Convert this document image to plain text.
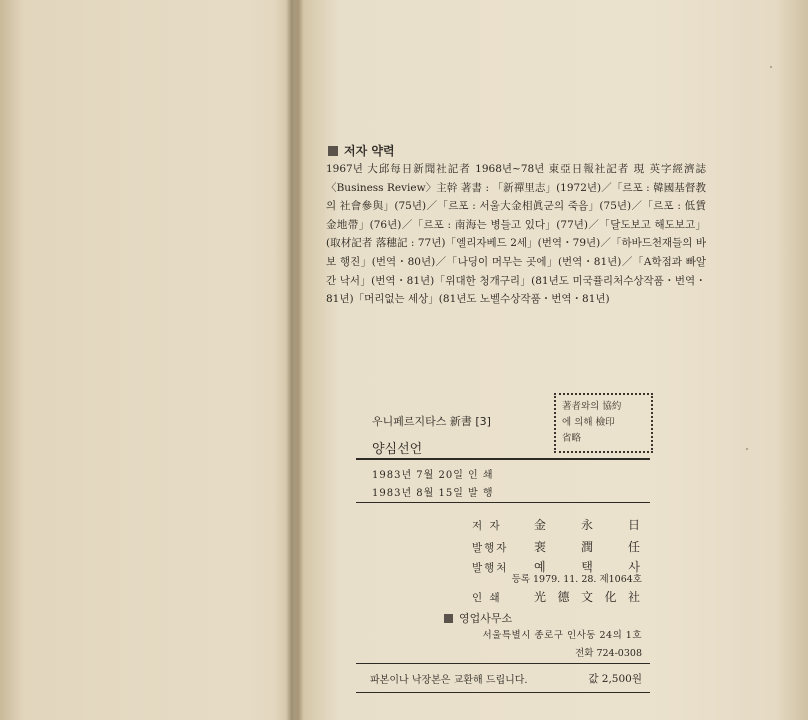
저자 약력

1967년 大邱每日新聞社記者 1968년~78년 東亞日報社記者 現 英字經濟誌〈Business Review〉主幹 著書 : 「新禪里志」(1972년)／「르포 : 韓國基督教의 社會參與」(75년)／「르포 : 서울大金相眞군의 죽음」(75년)／「르포 : 低賃金地帶」(76년)／「르포 : 南海는 병들고 있다」(77년)／「달도보고 해도보고」(取材記者 落穗記 : 77년)「엘리자베드 2세」(번역・79년)／「하바드천재들의 바보 행진」(번역・80년)／「나딩이 머무는 곳에」(번역・81년)／「A학점과 빠알간 낙서」(번역・81년)「위대한 청개구리」(81년도 미국퓰리처수상작품・번역・81년)「머리없는 세상」(81년도 노벨수상작품・번역・81년)

著者와의 協約
에 의해 檢印
省略
우니페르지타스 新書 [3]
양심선언
1983년 7월 20일 인 쇄
1983년 8월 15일 발 행
저 자	金	永	日
발행자	裵	潤	任
발행처	예	택	사
등록 1979. 11. 28. 제1064호
인 쇄	光 德 文 化 社
영업사무소
서울특별시 종로구 인사동 24의 1호
전화 724-0308
파본이나 낙장본은 교환해 드립니다.	값 2,500원
